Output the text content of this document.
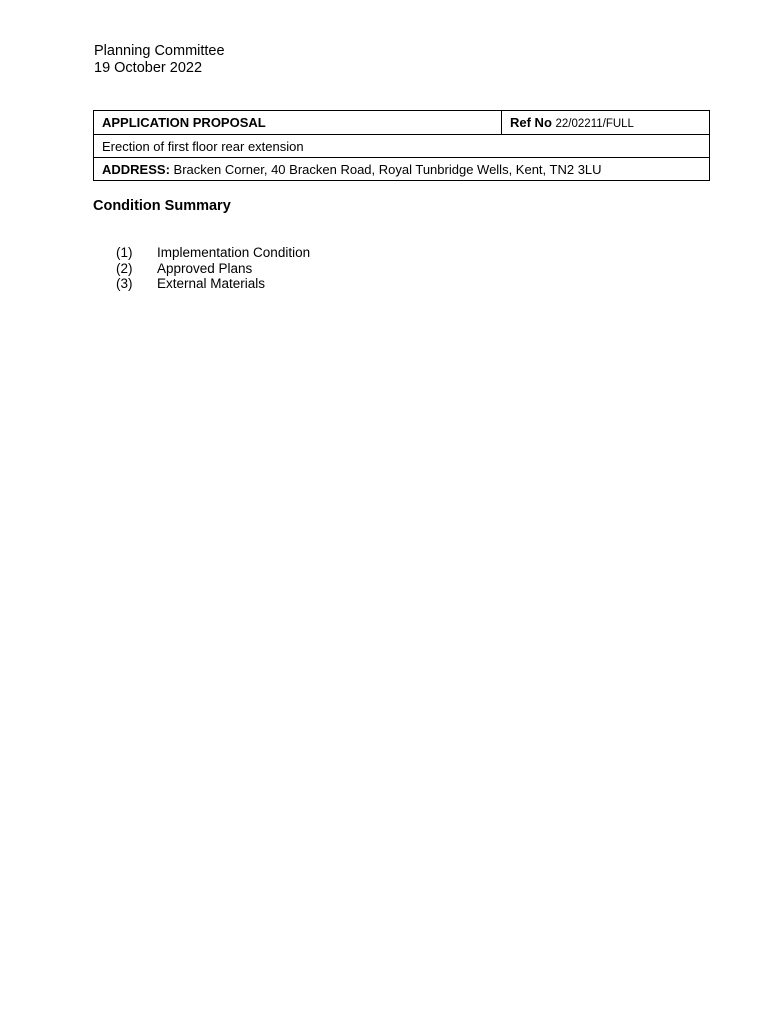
Planning Committee
19 October 2022
APPLICATION PROPOSAL	Ref No 22/02211/FULL
Erection of first floor rear extension
ADDRESS: Bracken Corner, 40 Bracken Road, Royal Tunbridge Wells, Kent, TN2 3LU
Condition Summary
(1)	Implementation Condition
(2)	Approved Plans
(3)	External Materials
